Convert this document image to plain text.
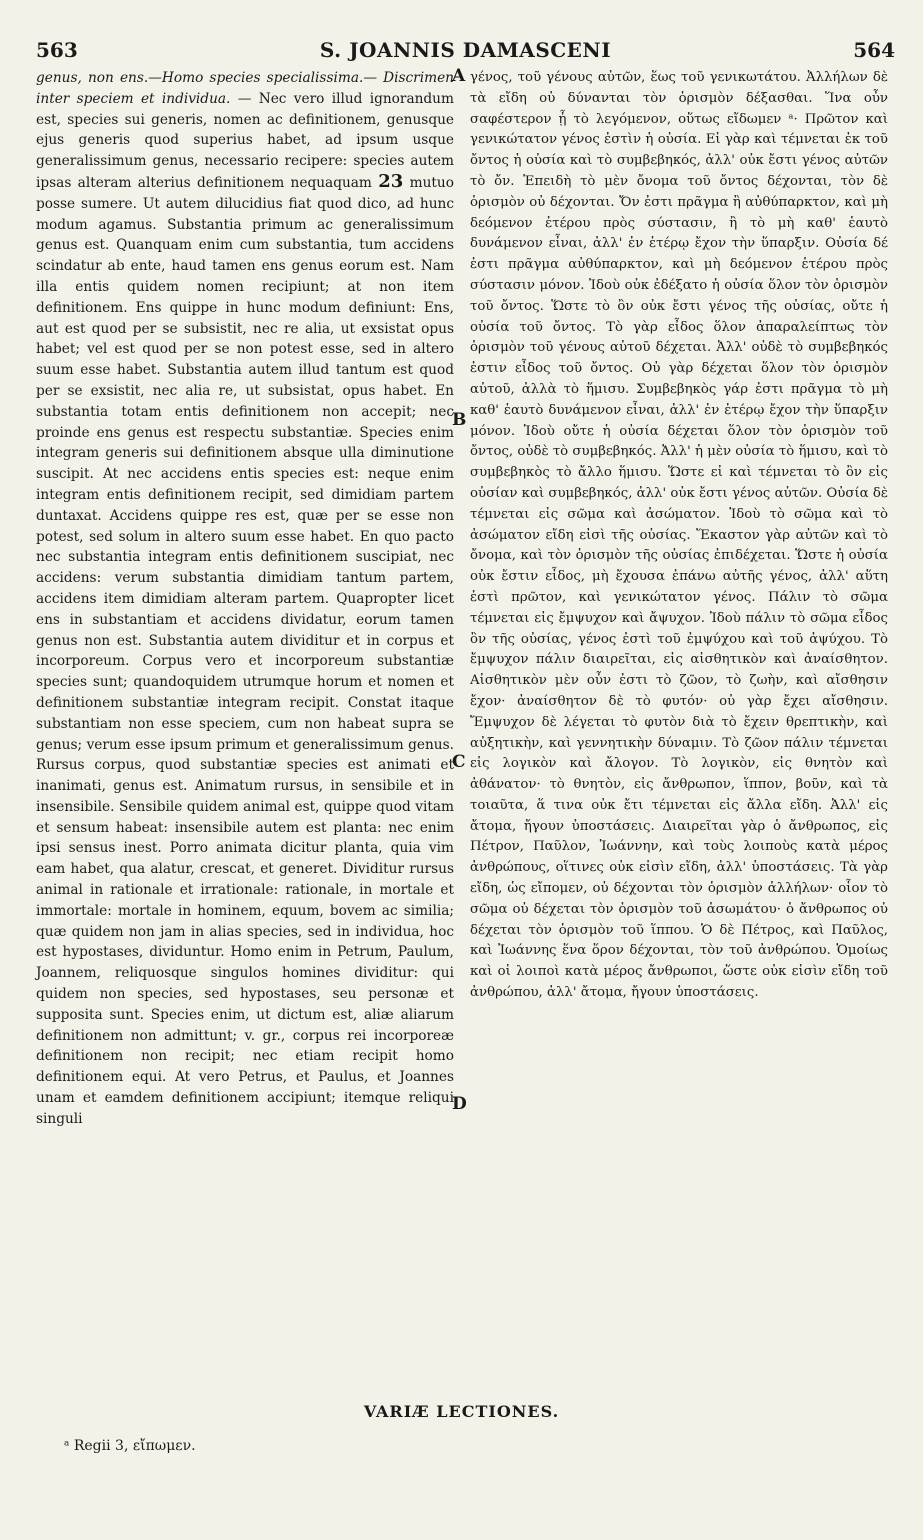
563	S. JOANNIS DAMASCENI	564

genus, non ens.—Homo species specialissima.— Discrimen inter speciem et individua. — Nec vero illud ignorandum est, species sui generis, nomen ac definitionem, genusque ejus generis quod superius habet, ad ipsum usque generalissimum genus, necessario recipere: species autem ipsas alteram alterius definitionem nequaquam 23 mutuo posse sumere. Ut autem dilucidius fiat quod dico, ad hunc modum agamus. Substantia primum ac generalissimum genus est. Quanquam enim cum substantia, tum accidens scindatur ab ente, haud tamen ens genus eorum est. Nam illa entis quidem nomen recipiunt; at non item definitionem. Ens quippe in hunc modum definiunt: Ens, aut est quod per se subsistit, nec re alia, ut exsistat opus habet; vel est quod per se non potest esse, sed in altero suum esse habet. Substantia autem illud tantum est quod per se exsistit, nec alia re, ut subsistat, opus habet. En substantia totam entis definitionem non accepit; nec proinde ens genus est respectu substantiæ. Species enim integram generis sui definitionem absque ulla diminutione suscipit. At nec accidens entis species est: neque enim integram entis definitionem recipit, sed dimidiam partem duntaxat. Accidens quippe res est, quæ per se esse non potest, sed solum in altero suum esse habet. En quo pacto nec substantia integram entis definitionem suscipiat, nec accidens: verum substantia dimidiam tantum partem, accidens item dimidiam alteram partem. Quapropter licet ens in substantiam et accidens dividatur, eorum tamen genus non est. Substantia autem dividitur et in corpus et incorporeum. Corpus vero et incorporeum substantiæ species sunt; quandoquidem utrumque horum et nomen et definitionem substantiæ integram recipit. Constat itaque substantiam non esse speciem, cum non habeat supra se genus; verum esse ipsum primum et generalissimum genus. Rursus corpus, quod substantiæ species est animati et inanimati, genus est. Animatum rursus, in sensibile et in insensibile. Sensibile quidem animal est, quippe quod vitam et sensum habeat: insensibile autem est planta: nec enim ipsi sensus inest. Porro animata dicitur planta, quia vim eam habet, qua alatur, crescat, et generet. Dividitur rursus animal in rationale et irrationale: rationale, in mortale et immortale: mortale in hominem, equum, bovem ac similia; quæ quidem non jam in alias species, sed in individua, hoc est hypostases, dividuntur. Homo enim in Petrum, Paulum, Joannem, reliquosque singulos homines dividitur: qui quidem non species, sed hypostases, seu personæ et supposita sunt. Species enim, ut dictum est, aliæ aliarum definitionem non admittunt; v. gr., corpus rei incorporeæ definitionem non recipit; nec etiam recipit homo definitionem equi. At vero Petrus, et Paulus, et Joannes unam et eamdem definitionem accipiunt; itemque reliqui singuli

A
B
C
D

γένος, τοῦ γένους αὐτῶν, ἕως τοῦ γενικωτάτου. Ἀλλήλων δὲ τὰ εἴδη οὐ δύνανται τὸν ὁρισμὸν δέξασθαι. Ἵνα οὖν σαφέστερον ᾖ τὸ λεγόμενον, οὕτως εἴδωμεν ᵃ· Πρῶτον καὶ γενικώτατον γένος ἐστὶν ἡ οὐσία. Εἰ γὰρ καὶ τέμνεται ἐκ τοῦ ὄντος ἡ οὐσία καὶ τὸ συμβεβηκός, ἀλλ' οὐκ ἔστι γένος αὐτῶν τὸ ὄν. Ἐπειδὴ τὸ μὲν ὄνομα τοῦ ὄντος δέχονται, τὸν δὲ ὁρισμὸν οὐ δέχονται. Ὄν ἐστι πρᾶγμα ἢ αὐθύπαρκτον, καὶ μὴ δεόμενον ἑτέρου πρὸς σύστασιν, ἢ τὸ μὴ καθ' ἑαυτὸ δυνάμενον εἶναι, ἀλλ' ἐν ἑτέρῳ ἔχον τὴν ὕπαρξιν. Οὐσία δέ ἐστι πρᾶγμα αὐθύπαρκτον, καὶ μὴ δεόμενον ἑτέρου πρὸς σύστασιν μόνον. Ἰδοὺ οὐκ ἐδέξατο ἡ οὐσία ὅλον τὸν ὁρισμὸν τοῦ ὄντος. Ὥστε τὸ ὂν οὐκ ἔστι γένος τῆς οὐσίας, οὔτε ἡ οὐσία τοῦ ὄντος. Τὸ γὰρ εἶδος ὅλον ἀπαραλείπτως τὸν ὁρισμὸν τοῦ γένους αὐτοῦ δέχεται. Ἀλλ' οὐδὲ τὸ συμβεβηκός ἐστιν εἶδος τοῦ ὄντος. Οὐ γὰρ δέχεται ὅλον τὸν ὁρισμὸν αὐτοῦ, ἀλλὰ τὸ ἥμισυ. Συμβεβηκὸς γάρ ἐστι πρᾶγμα τὸ μὴ καθ' ἑαυτὸ δυνάμενον εἶναι, ἀλλ' ἐν ἑτέρῳ ἔχον τὴν ὕπαρξιν μόνον. Ἰδοὺ οὔτε ἡ οὐσία δέχεται ὅλον τὸν ὁρισμὸν τοῦ ὄντος, οὐδὲ τὸ συμβεβηκός. Ἀλλ' ἡ μὲν οὐσία τὸ ἥμισυ, καὶ τὸ συμβεβηκὸς τὸ ἄλλο ἥμισυ. Ὥστε εἰ καὶ τέμνεται τὸ ὂν εἰς οὐσίαν καὶ συμβεβηκός, ἀλλ' οὐκ ἔστι γένος αὐτῶν. Οὐσία δὲ τέμνεται εἰς σῶμα καὶ ἀσώματον. Ἰδοὺ τὸ σῶμα καὶ τὸ ἀσώματον εἴδη εἰσὶ τῆς οὐσίας. Ἕκαστον γὰρ αὐτῶν καὶ τὸ ὄνομα, καὶ τὸν ὁρισμὸν τῆς οὐσίας ἐπιδέχεται. Ὥστε ἡ οὐσία οὐκ ἔστιν εἶδος, μὴ ἔχουσα ἐπάνω αὐτῆς γένος, ἀλλ' αὕτη ἐστὶ πρῶτον, καὶ γενικώτατον γένος. Πάλιν τὸ σῶμα τέμνεται εἰς ἔμψυχον καὶ ἄψυχον. Ἰδοὺ πάλιν τὸ σῶμα εἶδος ὂν τῆς οὐσίας, γένος ἐστὶ τοῦ ἐμψύχου καὶ τοῦ ἀψύχου. Τὸ ἔμψυχον πάλιν διαιρεῖται, εἰς αἰσθητικὸν καὶ ἀναίσθητον. Αἰσθητικὸν μὲν οὖν ἐστι τὸ ζῶον, τὸ ζωὴν, καὶ αἴσθησιν ἔχον· ἀναίσθητον δὲ τὸ φυτόν· οὐ γὰρ ἔχει αἴσθησιν. Ἔμψυχον δὲ λέγεται τὸ φυτὸν διὰ τὸ ἔχειν θρεπτικὴν, καὶ αὐξητικὴν, καὶ γεννητικὴν δύναμιν. Τὸ ζῶον πάλιν τέμνεται εἰς λογικὸν καὶ ἄλογον. Τὸ λογικὸν, εἰς θνητὸν καὶ ἀθάνατον· τὸ θνητὸν, εἰς ἄνθρωπον, ἵππον, βοῦν, καὶ τὰ τοιαῦτα, ἅ τινα οὐκ ἔτι τέμνεται εἰς ἄλλα εἴδη. Ἀλλ' εἰς ἄτομα, ἤγουν ὑποστάσεις. Διαιρεῖται γὰρ ὁ ἄνθρωπος, εἰς Πέτρον, Παῦλον, Ἰωάννην, καὶ τοὺς λοιποὺς κατὰ μέρος ἀνθρώπους, οἵτινες οὐκ εἰσὶν εἴδη, ἀλλ' ὑποστάσεις. Τὰ γὰρ εἴδη, ὡς εἴπομεν, οὐ δέχονται τὸν ὁρισμὸν ἀλλήλων· οἷον τὸ σῶμα οὐ δέχεται τὸν ὁρισμὸν τοῦ ἀσωμάτου· ὁ ἄνθρωπος οὐ δέχεται τὸν ὁρισμὸν τοῦ ἵππου. Ὁ δὲ Πέτρος, καὶ Παῦλος, καὶ Ἰωάννης ἕνα ὅρον δέχονται, τὸν τοῦ ἀνθρώπου. Ὁμοίως καὶ οἱ λοιποὶ κατὰ μέρος ἄνθρωποι, ὥστε οὐκ εἰσὶν εἴδη τοῦ ἀνθρώπου, ἀλλ' ἄτομα, ἤγουν ὑποστάσεις.

VARIÆ LECTIONES.
ᵃ Regii 3, εἴπωμεν.
